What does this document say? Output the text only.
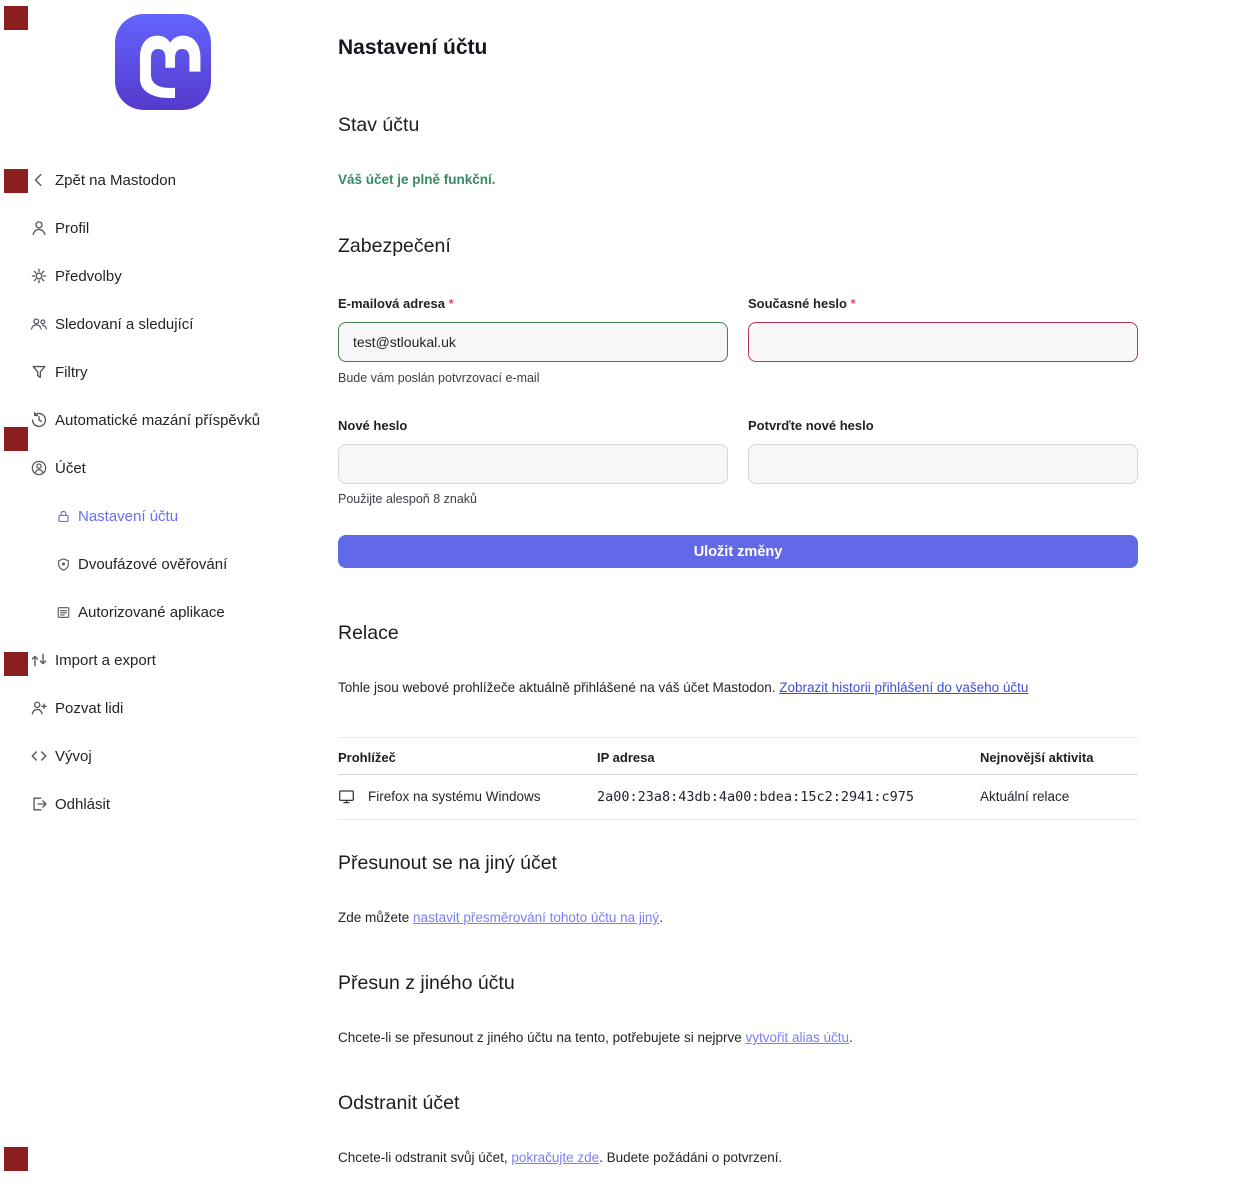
Zpět na Mastodon
Profil
Předvolby
Sledovaní a sledující
Filtry
Automatické mazání příspěvků
Účet
Nastavení účtu
Dvoufázové ověřování
Autorizované aplikace
Import a export
Pozvat lidi
Vývoj
Odhlásit
Nastavení účtu
Stav účtu
Váš účet je plně funkční.
Zabezpečení
E-mailová adresa *
test@stloukal.uk
Bude vám poslán potvrzovací e-mail
Současné heslo *
Nové heslo
Použijte alespoň 8 znaků
Potvrďte nové heslo
Uložit změny
Relace

Tohle jsou webové prohlížeče aktuálně přihlášené na váš účet Mastodon. Zobrazit historii přihlášení do vašeho účtu

Prohlížeč	IP adresa	Nejnovější aktivita

Firefox na systému Windows	2a00:23a8:43db:4a00:bdea:15c2:2941:c975	Aktuální relace
Přesunout se na jiný účet

Zde můžete nastavit přesměrování tohoto účtu na jiný.

Přesun z jiného účtu

Chcete-li se přesunout z jiného účtu na tento, potřebujete si nejprve vytvořit alias účtu.

Odstranit účet

Chcete-li odstranit svůj účet, pokračujte zde. Budete požádáni o potvrzení.
